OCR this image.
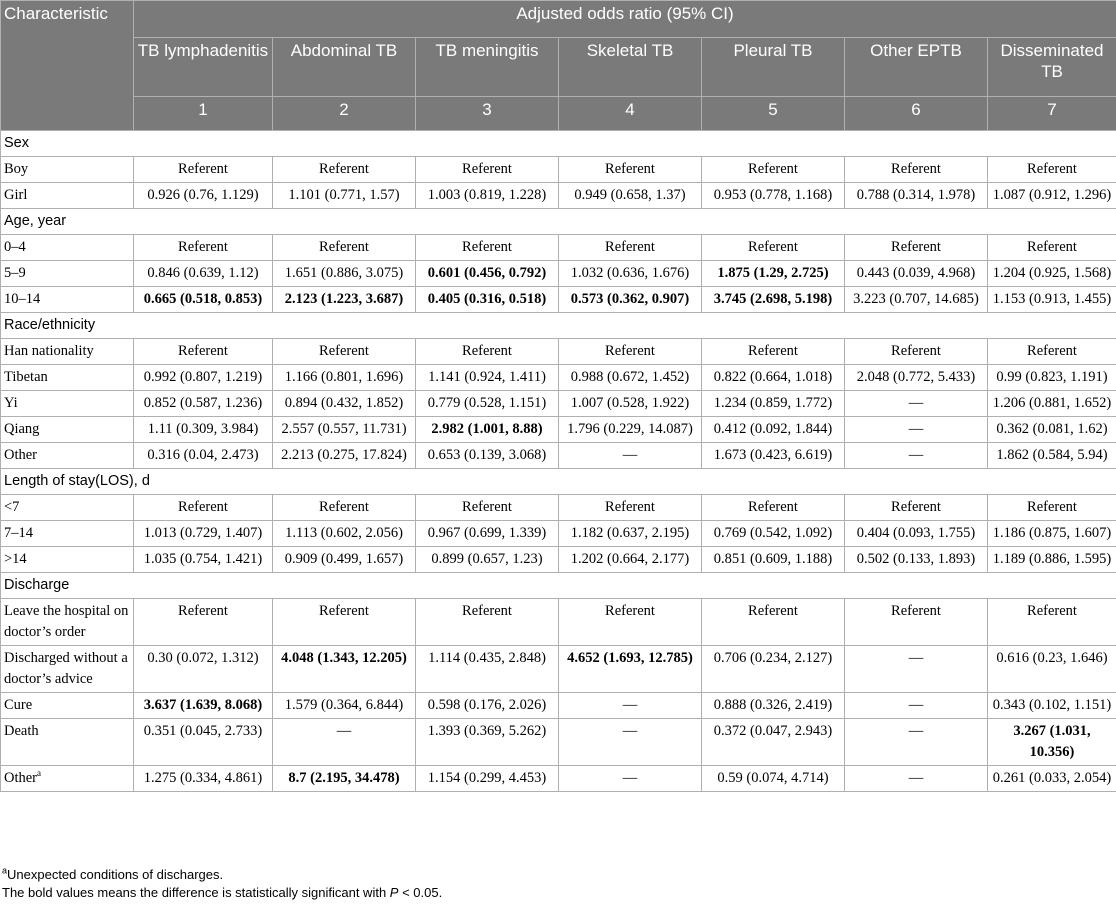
Characteristic	Adjusted odds ratio (95% CI)						
	TB lymphadenitis	Abdominal TB	TB meningitis	Skeletal TB	Pleural TB	Other EPTB	Disseminated TB
	1	2	3	4	5	6	7
Sex							
Boy	Referent	Referent	Referent	Referent	Referent	Referent	Referent
Girl	0.926 (0.76, 1.129)	1.101 (0.771, 1.57)	1.003 (0.819, 1.228)	0.949 (0.658, 1.37)	0.953 (0.778, 1.168)	0.788 (0.314, 1.978)	1.087 (0.912, 1.296)
Age, year							
0–4	Referent	Referent	Referent	Referent	Referent	Referent	Referent
5–9	0.846 (0.639, 1.12)	1.651 (0.886, 3.075)	0.601 (0.456, 0.792)	1.032 (0.636, 1.676)	1.875 (1.29, 2.725)	0.443 (0.039, 4.968)	1.204 (0.925, 1.568)
10–14	0.665 (0.518, 0.853)	2.123 (1.223, 3.687)	0.405 (0.316, 0.518)	0.573 (0.362, 0.907)	3.745 (2.698, 5.198)	3.223 (0.707, 14.685)	1.153 (0.913, 1.455)
Race/ethnicity							
Han nationality	Referent	Referent	Referent	Referent	Referent	Referent	Referent
Tibetan	0.992 (0.807, 1.219)	1.166 (0.801, 1.696)	1.141 (0.924, 1.411)	0.988 (0.672, 1.452)	0.822 (0.664, 1.018)	2.048 (0.772, 5.433)	0.99 (0.823, 1.191)
Yi	0.852 (0.587, 1.236)	0.894 (0.432, 1.852)	0.779 (0.528, 1.151)	1.007 (0.528, 1.922)	1.234 (0.859, 1.772)	—	1.206 (0.881, 1.652)
Qiang	1.11 (0.309, 3.984)	2.557 (0.557, 11.731)	2.982 (1.001, 8.88)	1.796 (0.229, 14.087)	0.412 (0.092, 1.844)	—	0.362 (0.081, 1.62)
Other	0.316 (0.04, 2.473)	2.213 (0.275, 17.824)	0.653 (0.139, 3.068)	—	1.673 (0.423, 6.619)	—	1.862 (0.584, 5.94)
Length of stay(LOS), d							
<7	Referent	Referent	Referent	Referent	Referent	Referent	Referent
7–14	1.013 (0.729, 1.407)	1.113 (0.602, 2.056)	0.967 (0.699, 1.339)	1.182 (0.637, 2.195)	0.769 (0.542, 1.092)	0.404 (0.093, 1.755)	1.186 (0.875, 1.607)
>14	1.035 (0.754, 1.421)	0.909 (0.499, 1.657)	0.899 (0.657, 1.23)	1.202 (0.664, 2.177)	0.851 (0.609, 1.188)	0.502 (0.133, 1.893)	1.189 (0.886, 1.595)
Discharge							
Leave the hospital on doctor’s order	Referent	Referent	Referent	Referent	Referent	Referent	Referent
Discharged without a doctor’s advice	0.30 (0.072, 1.312)	4.048 (1.343, 12.205)	1.114 (0.435, 2.848)	4.652 (1.693, 12.785)	0.706 (0.234, 2.127)	—	0.616 (0.23, 1.646)
Cure	3.637 (1.639, 8.068)	1.579 (0.364, 6.844)	0.598 (0.176, 2.026)	—	0.888 (0.326, 2.419)	—	0.343 (0.102, 1.151)
Death	0.351 (0.045, 2.733)	—	1.393 (0.369, 5.262)	—	0.372 (0.047, 2.943)	—	3.267 (1.031, 10.356)
Other$^a$	1.275 (0.334, 4.861)	8.7 (2.195, 34.478)	1.154 (0.299, 4.453)	—	0.59 (0.074, 4.714)	—	0.261 (0.033, 2.054)
$^a$Unexpected conditions of discharges.
The bold values means the difference is statistically significant with P < 0.05.
